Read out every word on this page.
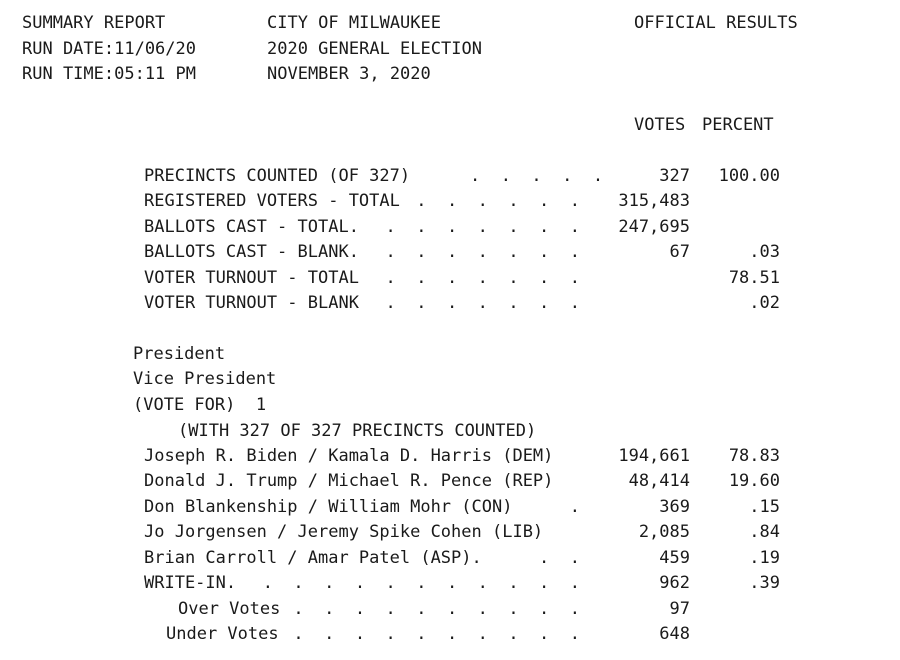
SUMMARY REPORT	CITY OF MILWAUKEE	OFFICIAL RESULTS
RUN DATE:11/06/20	2020 GENERAL ELECTION
RUN TIME:05:11 PM	NOVEMBER 3, 2020
VOTES PERCENT
PRECINCTS COUNTED (OF 327)	.  .  .  .  .	327	100.00
REGISTERED VOTERS - TOTAL .  .  .  .  .  .	315,483
BALLOTS CAST - TOTAL.	.  .  .  .  .  .  .	247,695
BALLOTS CAST - BLANK.	.  .  .  .  .  .  .	67	.03
VOTER TURNOUT - TOTAL	.  .  .  .  .  .  .	78.51
VOTER TURNOUT - BLANK	.  .  .  .  .  .  .	.02
President
Vice President
(VOTE FOR)  1
(WITH 327 OF 327 PRECINCTS COUNTED)
Joseph R. Biden / Kamala D. Harris (DEM)	194,661	78.83
Donald J. Trump / Michael R. Pence (REP)	48,414	19.60
Don Blankenship / William Mohr (CON)	.	369	.15
Jo Jorgensen / Jeremy Spike Cohen (LIB)	2,085	.84
Brian Carroll / Amar Patel (ASP).	.  .	459	.19
WRITE-IN.	.  .  .  .  .  .  .  .  .  .  .	962	.39
Over Votes .  .  .  .  .  .  .  .  .  .	97
Under Votes .  .  .  .  .  .  .  .  .  .	648
